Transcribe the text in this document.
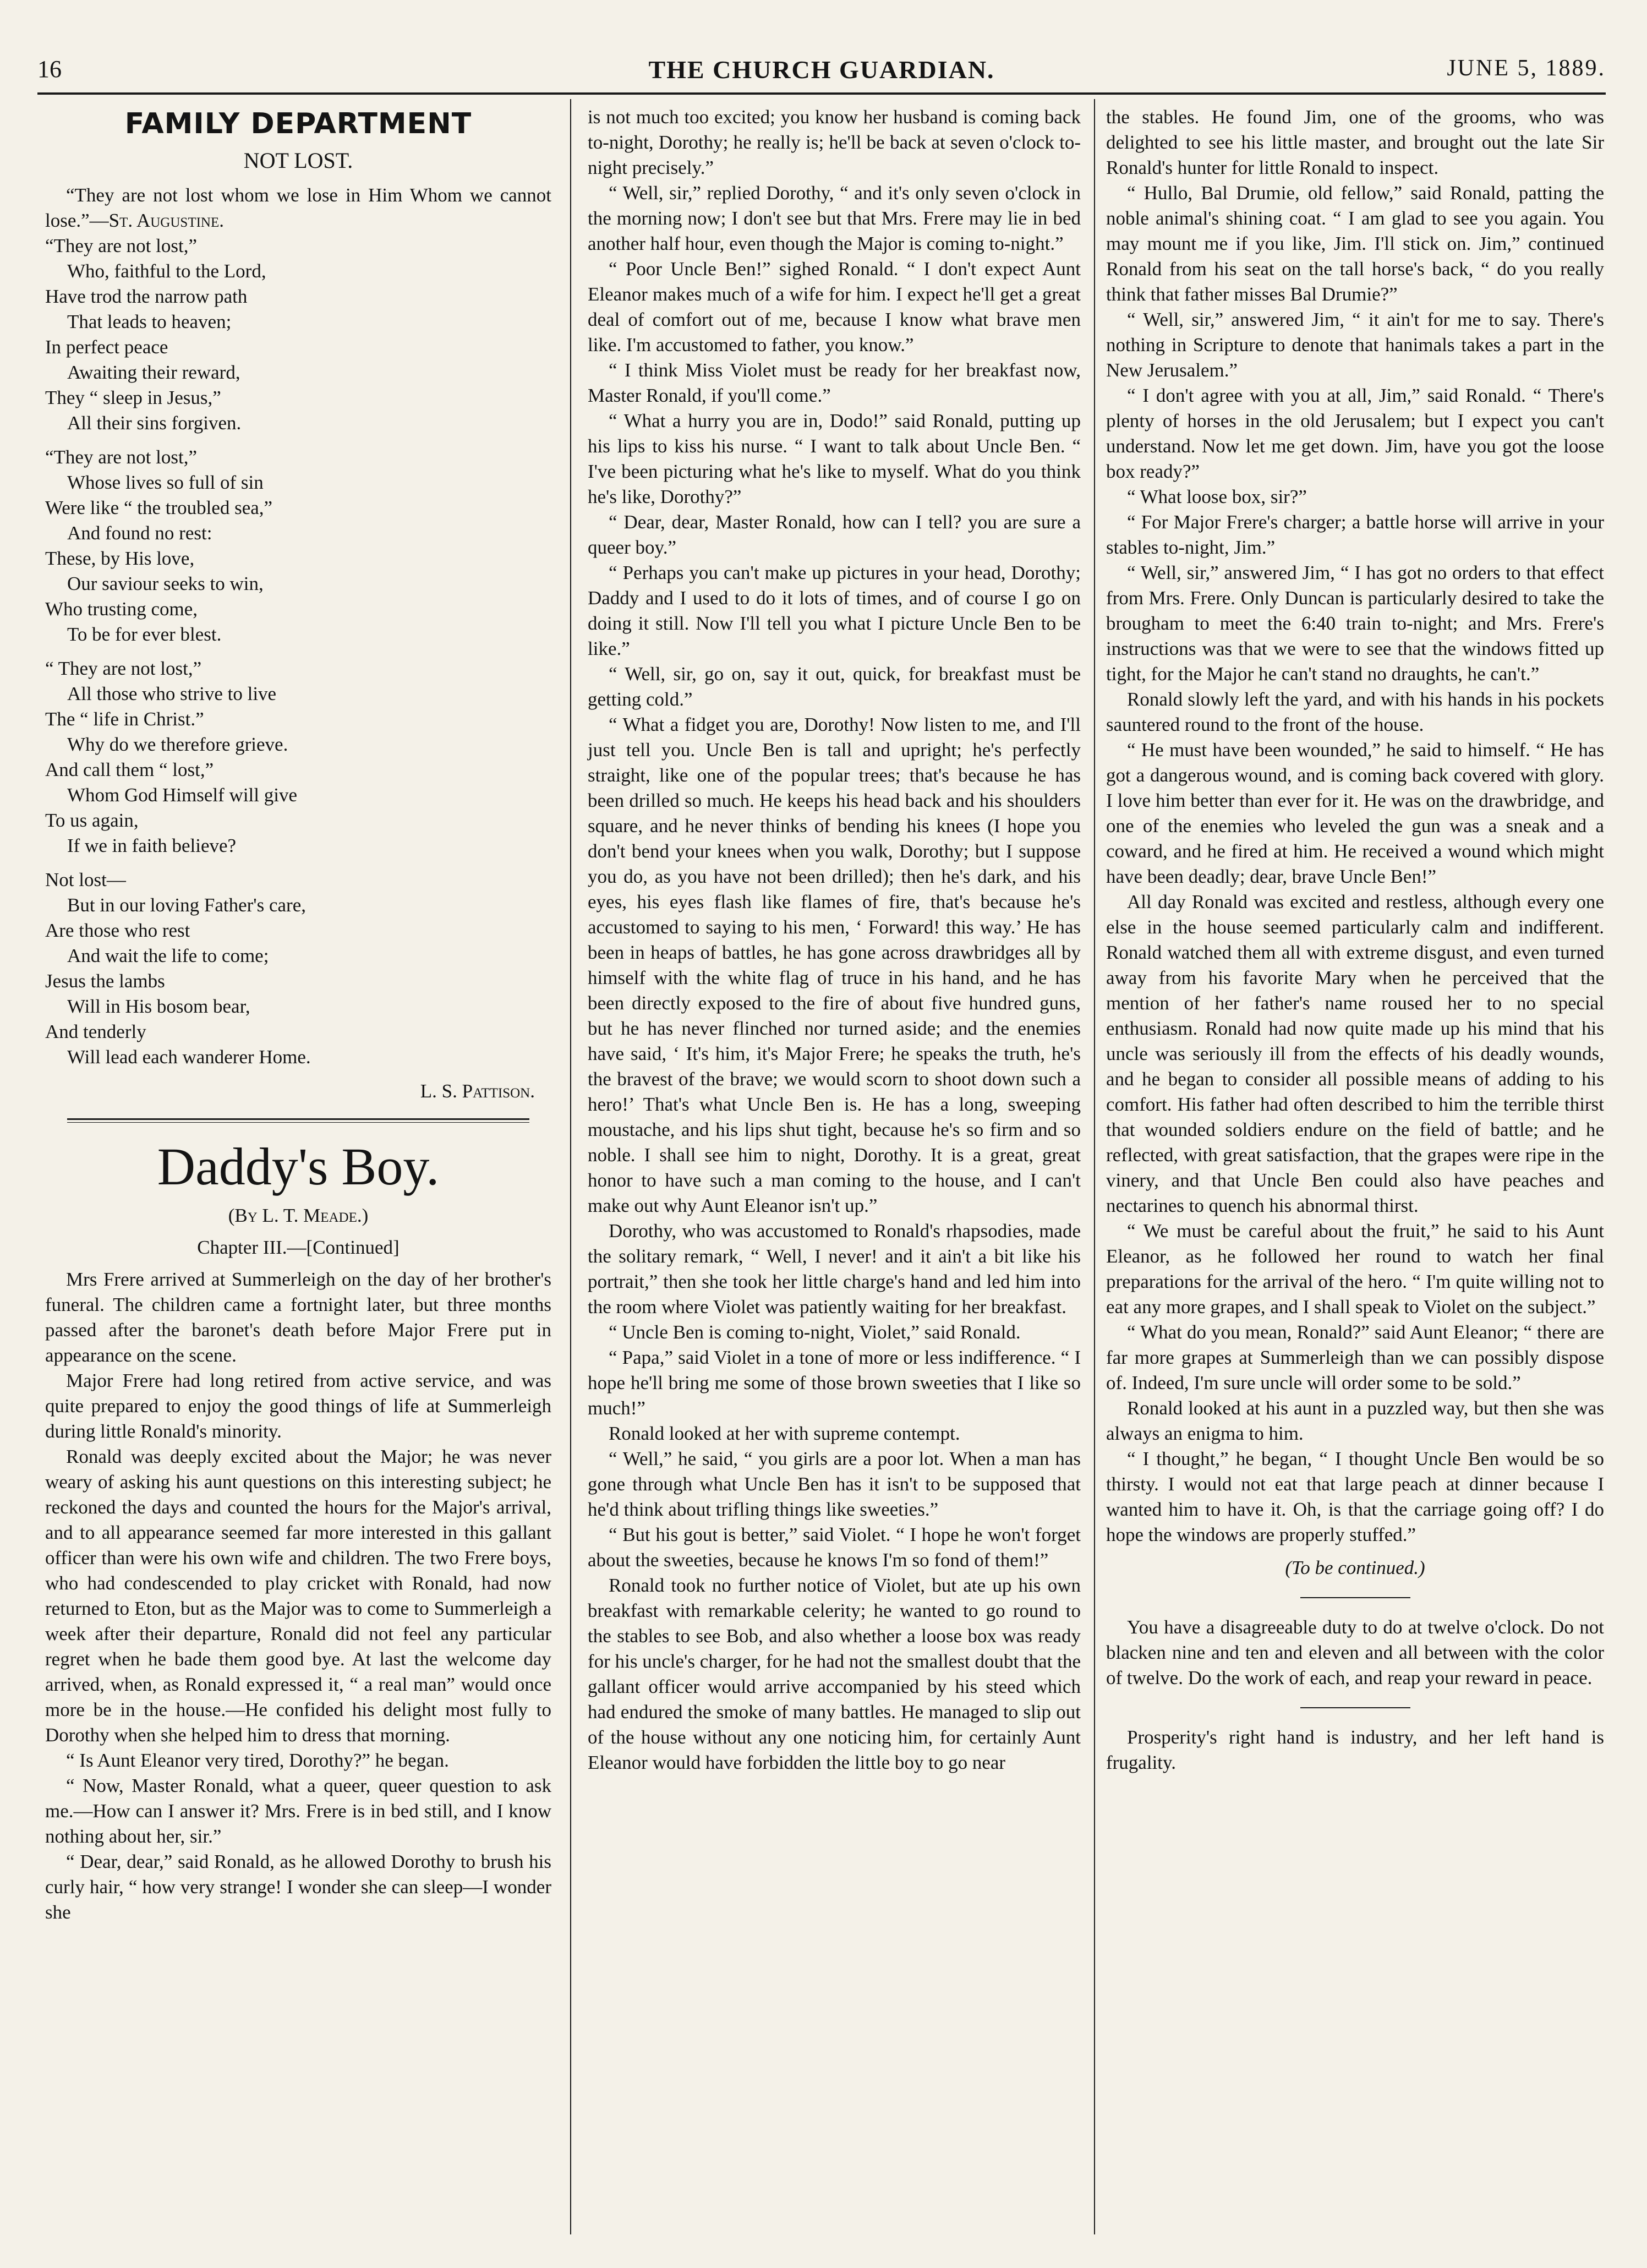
16	THE CHURCH GUARDIAN.	JUNE 5, 1889.
FAMILY DEPARTMENT
NOT LOST.

“They are not lost whom we lose in Him Whom we cannot lose.”—St. Augustine.

“They are not lost,”
Who, faithful to the Lord,
Have trod the narrow path
That leads to heaven;
In perfect peace
Awaiting their reward,
They “ sleep in Jesus,”
All their sins forgiven.
“They are not lost,”
Whose lives so full of sin
Were like “ the troubled sea,”
And found no rest:
These, by His love,
Our saviour seeks to win,
Who trusting come,
To be for ever blest.
“ They are not lost,”
All those who strive to live
The “ life in Christ.”
Why do we therefore grieve.
And call them “ lost,”
Whom God Himself will give
To us again,
If we in faith believe?
Not lost—
But in our loving Father's care,
Are those who rest
And wait the life to come;
Jesus the lambs
Will in His bosom bear,
And tenderly
Will lead each wanderer Home.
L. S. Pattison.
Daddy's Boy.
(By L. T. Meade.)
Chapter III.—[Continued]

Mrs Frere arrived at Summerleigh on the day of her brother's funeral. The children came a fortnight later, but three months passed after the baronet's death before Major Frere put in appearance on the scene.

Major Frere had long retired from active service, and was quite prepared to enjoy the good things of life at Summerleigh during little Ronald's minority.

Ronald was deeply excited about the Major; he was never weary of asking his aunt questions on this interesting subject; he reckoned the days and counted the hours for the Major's arrival, and to all appearance seemed far more interested in this gallant officer than were his own wife and children. The two Frere boys, who had condescended to play cricket with Ronald, had now returned to Eton, but as the Major was to come to Summerleigh a week after their departure, Ronald did not feel any particular regret when he bade them good bye. At last the welcome day arrived, when, as Ronald expressed it, “ a real man” would once more be in the house.—He confided his delight most fully to Dorothy when she helped him to dress that morning.

“ Is Aunt Eleanor very tired, Dorothy?” he began.

“ Now, Master Ronald, what a queer, queer question to ask me.—How can I answer it? Mrs. Frere is in bed still, and I know nothing about her, sir.”

“ Dear, dear,” said Ronald, as he allowed Dorothy to brush his curly hair, “ how very strange! I wonder she can sleep—I wonder she

is not much too excited; you know her husband is coming back to-night, Dorothy; he really is; he'll be back at seven o'clock to-night precisely.”

“ Well, sir,” replied Dorothy, “ and it's only seven o'clock in the morning now; I don't see but that Mrs. Frere may lie in bed another half hour, even though the Major is coming to-night.”

“ Poor Uncle Ben!” sighed Ronald. “ I don't expect Aunt Eleanor makes much of a wife for him. I expect he'll get a great deal of comfort out of me, because I know what brave men like. I'm accustomed to father, you know.”

“ I think Miss Violet must be ready for her breakfast now, Master Ronald, if you'll come.”

“ What a hurry you are in, Dodo!” said Ronald, putting up his lips to kiss his nurse. “ I want to talk about Uncle Ben. “ I've been picturing what he's like to myself. What do you think he's like, Dorothy?”

“ Dear, dear, Master Ronald, how can I tell? you are sure a queer boy.”

“ Perhaps you can't make up pictures in your head, Dorothy; Daddy and I used to do it lots of times, and of course I go on doing it still. Now I'll tell you what I picture Uncle Ben to be like.”

“ Well, sir, go on, say it out, quick, for breakfast must be getting cold.”

“ What a fidget you are, Dorothy! Now listen to me, and I'll just tell you. Uncle Ben is tall and upright; he's perfectly straight, like one of the popular trees; that's because he has been drilled so much. He keeps his head back and his shoulders square, and he never thinks of bending his knees (I hope you don't bend your knees when you walk, Dorothy; but I suppose you do, as you have not been drilled); then he's dark, and his eyes, his eyes flash like flames of fire, that's because he's accustomed to saying to his men, ‘ Forward! this way.’ He has been in heaps of battles, he has gone across drawbridges all by himself with the white flag of truce in his hand, and he has been directly exposed to the fire of about five hundred guns, but he has never flinched nor turned aside; and the enemies have said, ‘ It's him, it's Major Frere; he speaks the truth, he's the bravest of the brave; we would scorn to shoot down such a hero!’ That's what Uncle Ben is. He has a long, sweeping moustache, and his lips shut tight, because he's so firm and so noble. I shall see him to night, Dorothy. It is a great, great honor to have such a man coming to the house, and I can't make out why Aunt Eleanor isn't up.”

Dorothy, who was accustomed to Ronald's rhapsodies, made the solitary remark, “ Well, I never! and it ain't a bit like his portrait,” then she took her little charge's hand and led him into the room where Violet was patiently waiting for her breakfast.

“ Uncle Ben is coming to-night, Violet,” said Ronald.

“ Papa,” said Violet in a tone of more or less indifference. “ I hope he'll bring me some of those brown sweeties that I like so much!”

Ronald looked at her with supreme contempt.

“ Well,” he said, “ you girls are a poor lot. When a man has gone through what Uncle Ben has it isn't to be supposed that he'd think about trifling things like sweeties.”

“ But his gout is better,” said Violet. “ I hope he won't forget about the sweeties, because he knows I'm so fond of them!”

Ronald took no further notice of Violet, but ate up his own breakfast with remarkable celerity; he wanted to go round to the stables to see Bob, and also whether a loose box was ready for his uncle's charger, for he had not the smallest doubt that the gallant officer would arrive accompanied by his steed which had endured the smoke of many battles. He managed to slip out of the house without any one noticing him, for certainly Aunt Eleanor would have forbidden the little boy to go near

the stables. He found Jim, one of the grooms, who was delighted to see his little master, and brought out the late Sir Ronald's hunter for little Ronald to inspect.

“ Hullo, Bal Drumie, old fellow,” said Ronald, patting the noble animal's shining coat. “ I am glad to see you again. You may mount me if you like, Jim. I'll stick on. Jim,” continued Ronald from his seat on the tall horse's back, “ do you really think that father misses Bal Drumie?”

“ Well, sir,” answered Jim, “ it ain't for me to say. There's nothing in Scripture to denote that hanimals takes a part in the New Jerusalem.”

“ I don't agree with you at all, Jim,” said Ronald. “ There's plenty of horses in the old Jerusalem; but I expect you can't understand. Now let me get down. Jim, have you got the loose box ready?”

“ What loose box, sir?”

“ For Major Frere's charger; a battle horse will arrive in your stables to-night, Jim.”

“ Well, sir,” answered Jim, “ I has got no orders to that effect from Mrs. Frere. Only Duncan is particularly desired to take the brougham to meet the 6:40 train to-night; and Mrs. Frere's instructions was that we were to see that the windows fitted up tight, for the Major he can't stand no draughts, he can't.”

Ronald slowly left the yard, and with his hands in his pockets sauntered round to the front of the house.

“ He must have been wounded,” he said to himself. “ He has got a dangerous wound, and is coming back covered with glory. I love him better than ever for it. He was on the drawbridge, and one of the enemies who leveled the gun was a sneak and a coward, and he fired at him. He received a wound which might have been deadly; dear, brave Uncle Ben!”

All day Ronald was excited and restless, although every one else in the house seemed particularly calm and indifferent. Ronald watched them all with extreme disgust, and even turned away from his favorite Mary when he perceived that the mention of her father's name roused her to no special enthusiasm. Ronald had now quite made up his mind that his uncle was seriously ill from the effects of his deadly wounds, and he began to consider all possible means of adding to his comfort. His father had often described to him the terrible thirst that wounded soldiers endure on the field of battle; and he reflected, with great satisfaction, that the grapes were ripe in the vinery, and that Uncle Ben could also have peaches and nectarines to quench his abnormal thirst.

“ We must be careful about the fruit,” he said to his Aunt Eleanor, as he followed her round to watch her final preparations for the arrival of the hero. “ I'm quite willing not to eat any more grapes, and I shall speak to Violet on the subject.”

“ What do you mean, Ronald?” said Aunt Eleanor; “ there are far more grapes at Summerleigh than we can possibly dispose of. Indeed, I'm sure uncle will order some to be sold.”

Ronald looked at his aunt in a puzzled way, but then she was always an enigma to him.

“ I thought,” he began, “ I thought Uncle Ben would be so thirsty. I would not eat that large peach at dinner because I wanted him to have it. Oh, is that the carriage going off? I do hope the windows are properly stuffed.”

(To be continued.)

You have a disagreeable duty to do at twelve o'clock. Do not blacken nine and ten and eleven and all between with the color of twelve. Do the work of each, and reap your reward in peace.

Prosperity's right hand is industry, and her left hand is frugality.
